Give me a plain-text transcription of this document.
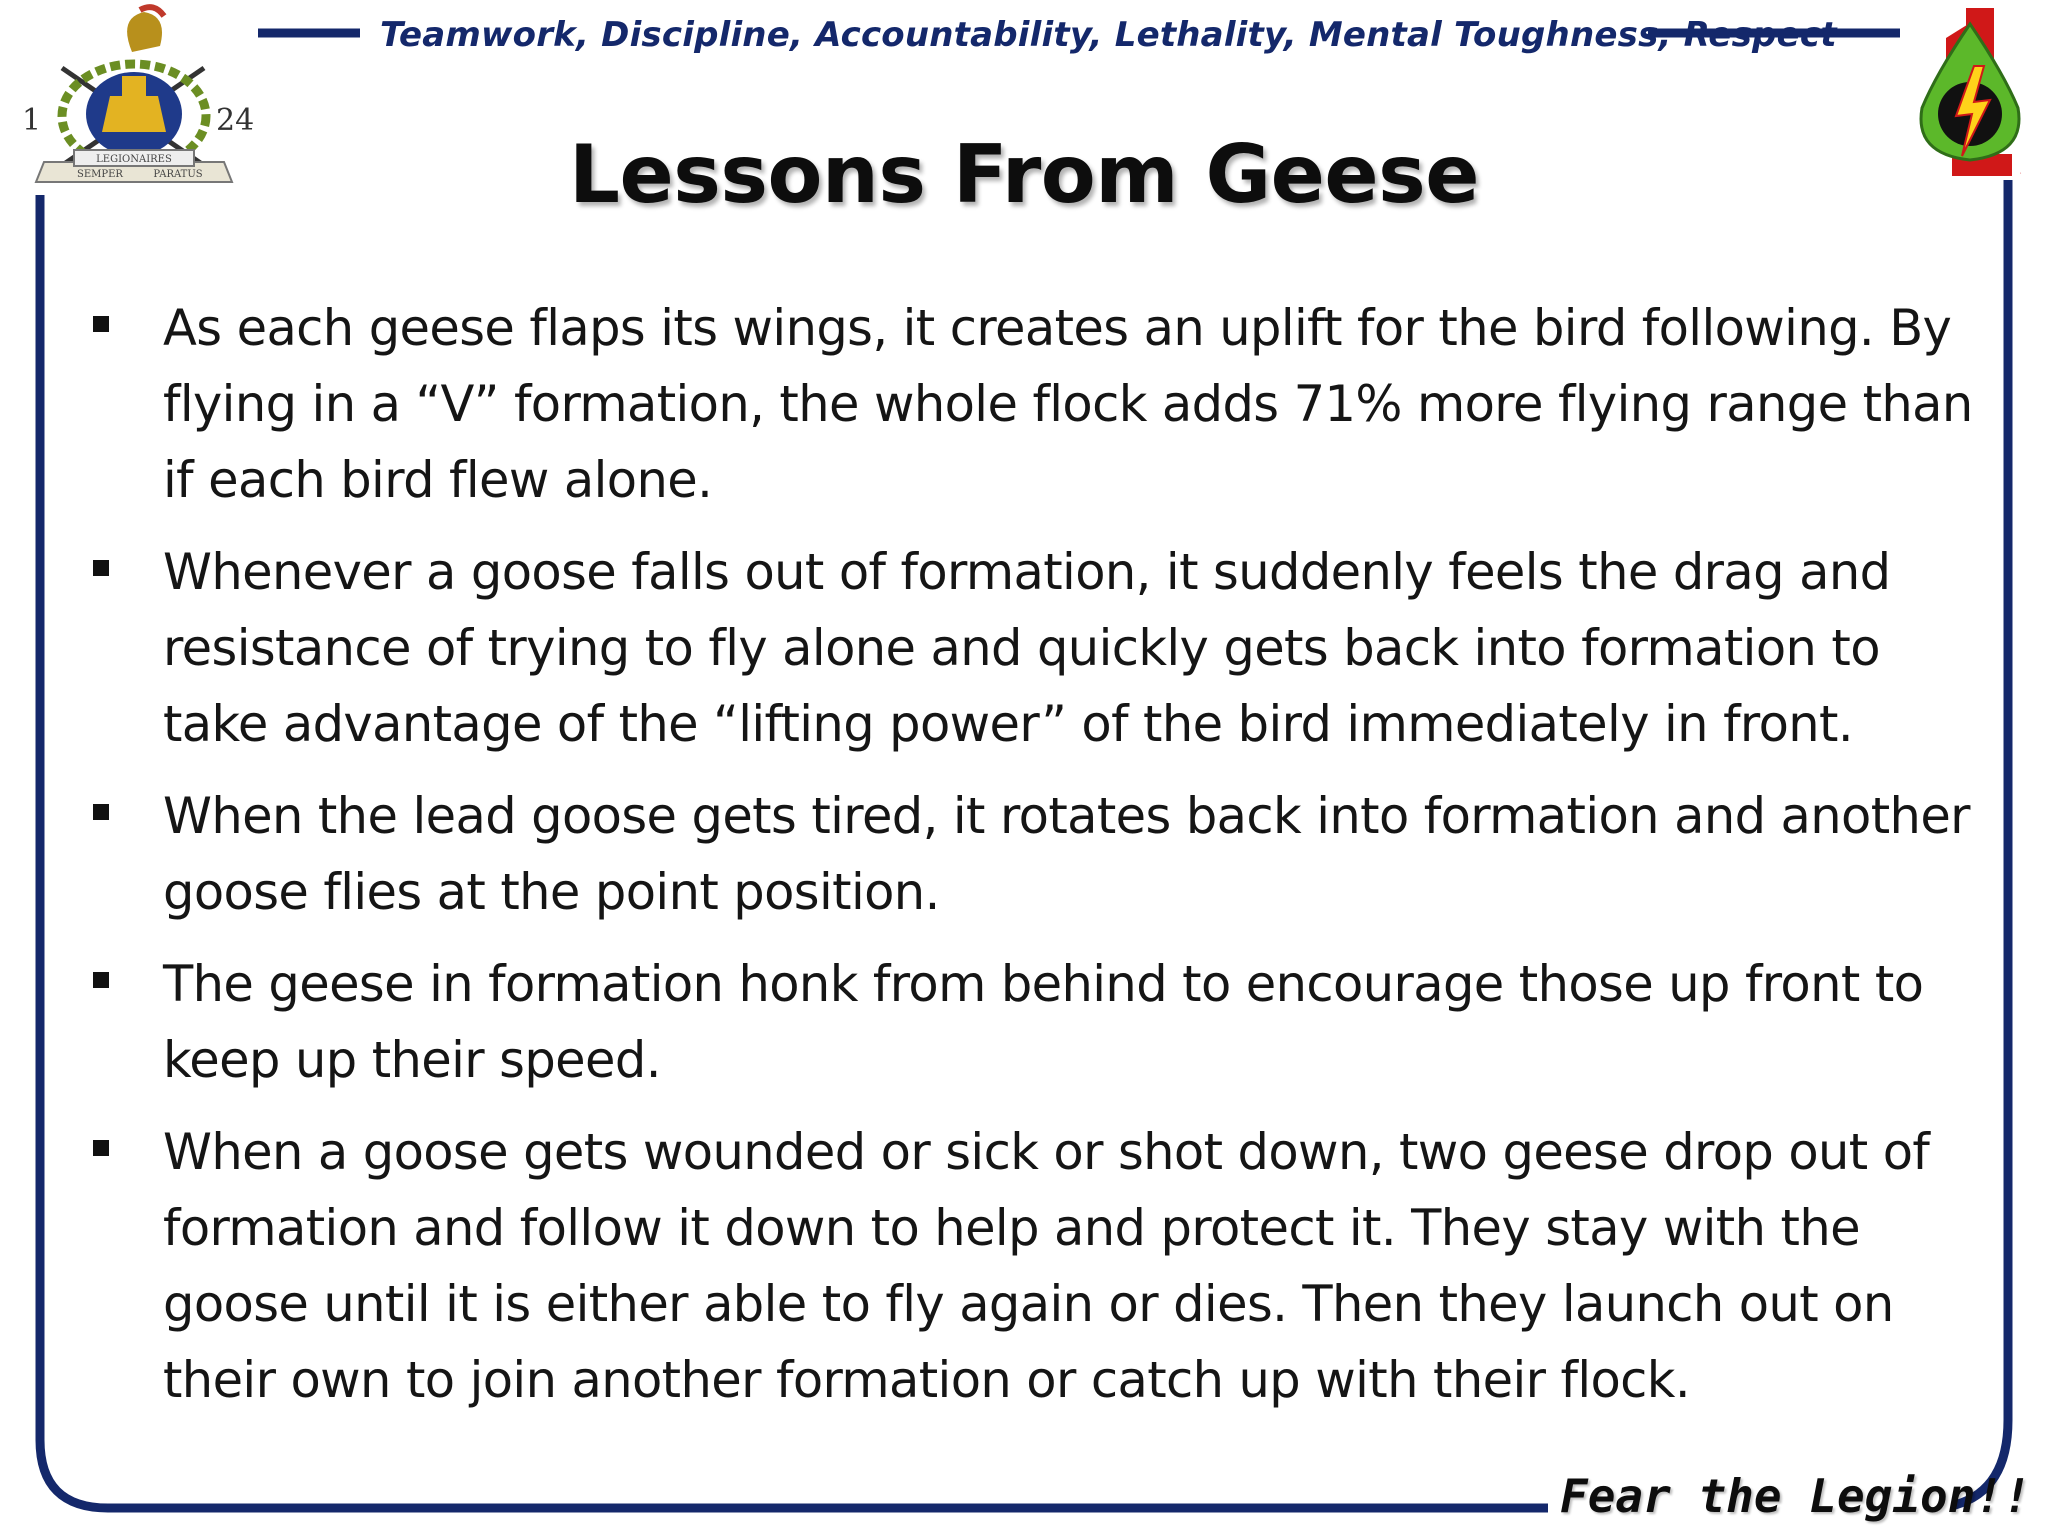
1	24
LEGIONAIRES
SEMPER	PARATUS
Teamwork, Discipline, Accountability, Lethality, Mental Toughness, Respect
1
Lessons From Geese
As each geese flaps its wings, it creates an uplift for the bird following. By flying in a “V” formation, the whole flock adds 71% more flying range than if each bird flew alone.
Whenever a goose falls out of formation, it suddenly feels the drag and resistance of trying to fly alone and quickly gets back into formation to take advantage of the “lifting power” of the bird immediately in front.
When the lead goose gets tired, it rotates back into formation and another goose flies at the point position.
The geese in formation honk from behind to encourage those up front to keep up their speed.
When a goose gets wounded or sick or shot down, two geese drop out of formation and follow it down to help and protect it. They stay with the goose until it is either able to fly again or dies. Then they launch out on their own to join another formation or catch up with their flock.
Fear the Legion!!
